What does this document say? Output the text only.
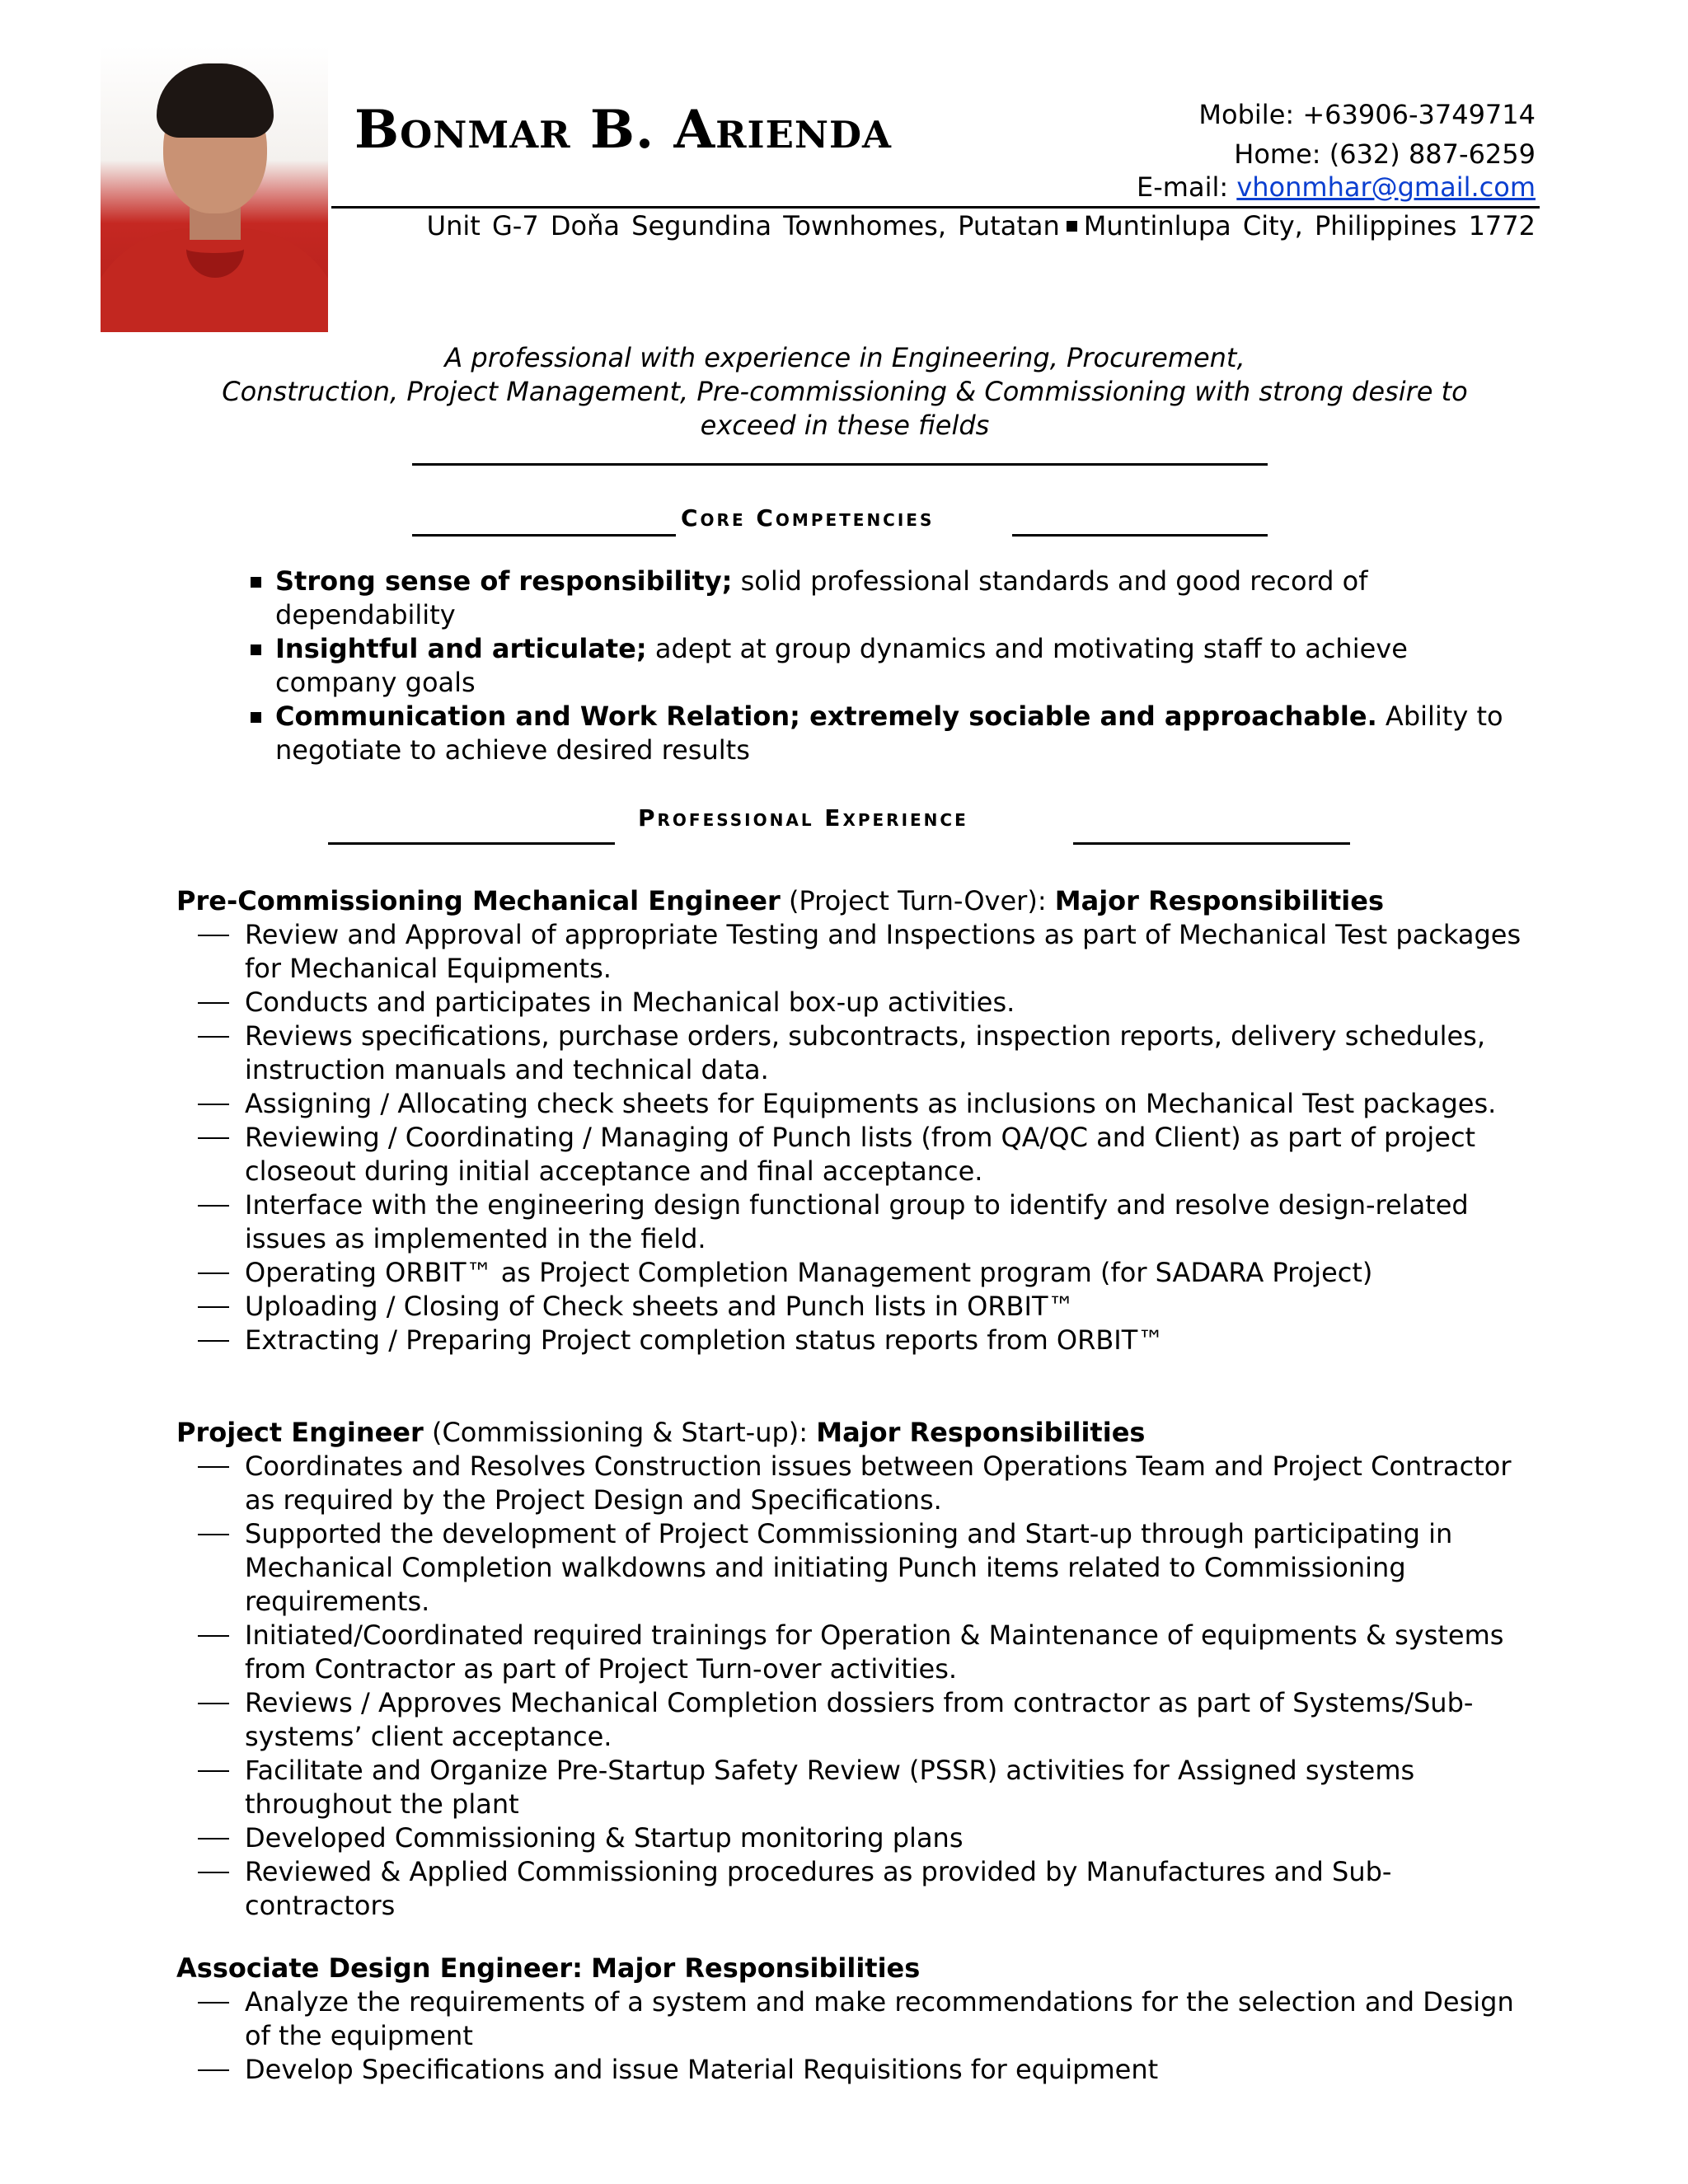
Bonmar B. Arienda	Mobile: +63906-3749714
Home: (632) 887-6259
E-mail: vhonmhar@gmail.com
Unit G-7 Doňa Segundina Townhomes, Putatan Muntinlupa City, Philippines 1772

A professional with experience in Engineering, Procurement,
Construction, Project Management, Pre-commissioning & Commissioning with strong desire to
exceed in these fields

Core Competencies
Strong sense of responsibility; solid professional standards and good record of dependability
Insightful and articulate; adept at group dynamics and motivating staff to achieve company goals
Communication and Work Relation; extremely sociable and approachable. Ability to negotiate to achieve desired results
Professional Experience

Pre-Commissioning Mechanical Engineer (Project Turn-Over): Major Responsibilities

Review and Approval of appropriate Testing and Inspections as part of Mechanical Test packages for Mechanical Equipments.
Conducts and participates in Mechanical box-up activities.
Reviews specifications, purchase orders, subcontracts, inspection reports, delivery schedules, instruction manuals and technical data.
Assigning / Allocating check sheets for Equipments as inclusions on Mechanical Test packages.
Reviewing / Coordinating / Managing of Punch lists (from QA/QC and Client) as part of project closeout during initial acceptance and final acceptance.
Interface with the engineering design functional group to identify and resolve design-related issues as implemented in the field.
Operating ORBIT™ as Project Completion Management program (for SADARA Project)
Uploading / Closing of Check sheets and Punch lists in ORBIT™
Extracting / Preparing Project completion status reports from ORBIT™

Project Engineer (Commissioning & Start-up): Major Responsibilities

Coordinates and Resolves Construction issues between Operations Team and Project Contractor as required by the Project Design and Specifications.
Supported the development of Project Commissioning and Start-up through participating in Mechanical Completion walkdowns and initiating Punch items related to Commissioning requirements.
Initiated/Coordinated required trainings for Operation & Maintenance of equipments & systems from Contractor as part of Project Turn-over activities.
Reviews / Approves Mechanical Completion dossiers from contractor as part of Systems/Sub-systems’ client acceptance.
Facilitate and Organize Pre-Startup Safety Review (PSSR) activities for Assigned systems throughout the plant
Developed Commissioning & Startup monitoring plans
Reviewed & Applied Commissioning procedures as provided by Manufactures and Sub-contractors

Associate Design Engineer: Major Responsibilities

Analyze the requirements of a system and make recommendations for the selection and Design of the equipment
Develop Specifications and issue Material Requisitions for equipment
